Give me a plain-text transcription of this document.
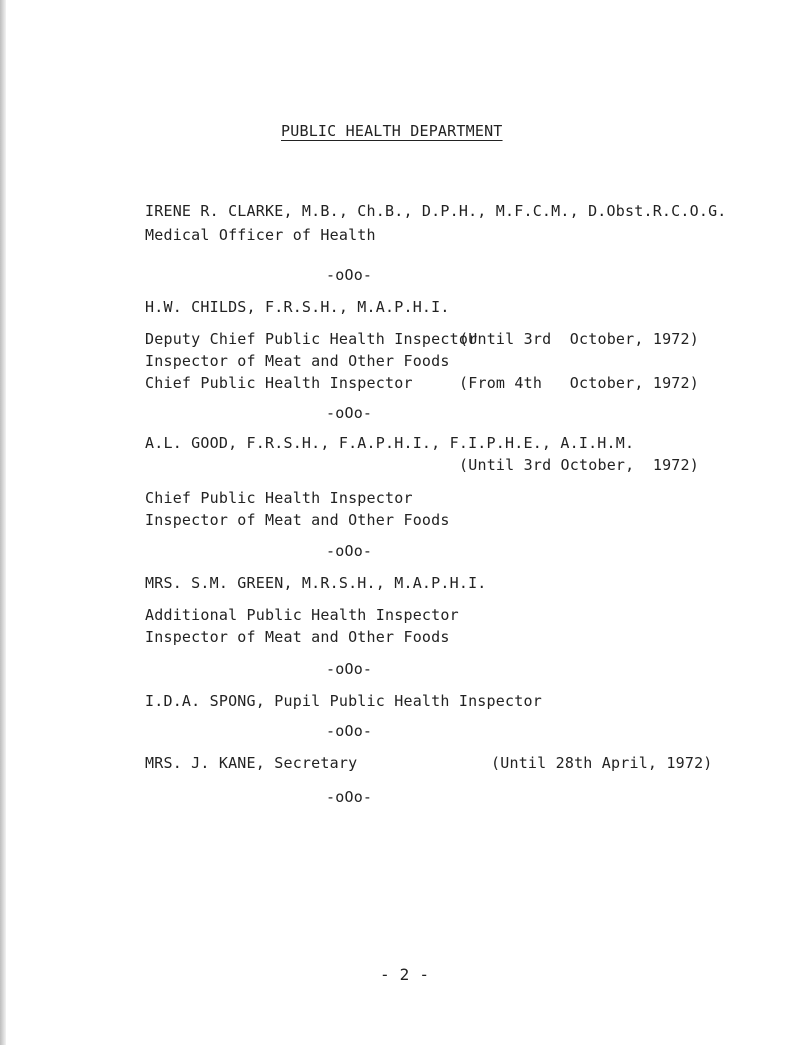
PUBLIC HEALTH DEPARTMENT
IRENE R. CLARKE, M.B., Ch.B., D.P.H., M.F.C.M., D.Obst.R.C.O.G.
Medical Officer of Health
-oOo-
H.W. CHILDS, F.R.S.H., M.A.P.H.I.
Deputy Chief Public Health Inspector
(Until 3rd  October, 1972)
Inspector of Meat and Other Foods
Chief Public Health Inspector	(From 4th   October, 1972)
-oOo-
A.L. GOOD, F.R.S.H., F.A.P.H.I., F.I.P.H.E., A.I.H.M.
(Until 3rd October,  1972)
Chief Public Health Inspector
Inspector of Meat and Other Foods
-oOo-
MRS. S.M. GREEN, M.R.S.H., M.A.P.H.I.
Additional Public Health Inspector
Inspector of Meat and Other Foods
-oOo-
I.D.A. SPONG, Pupil Public Health Inspector
-oOo-
MRS. J. KANE, Secretary	(Until 28th April, 1972)
-oOo-
- 2 -
